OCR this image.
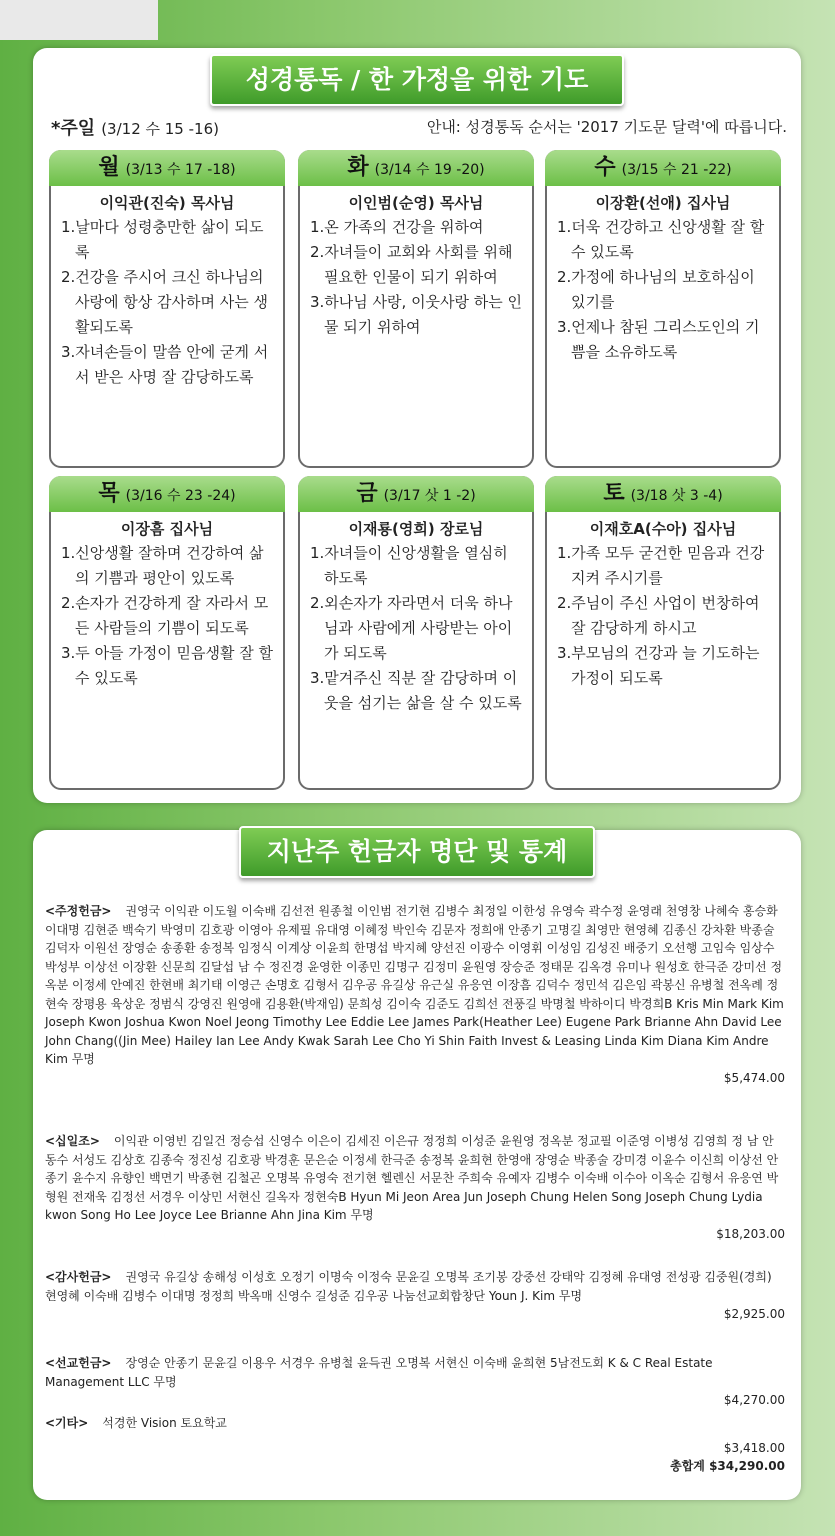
성경통독 / 한 가정을 위한 기도
*주일 (3/12 수 15 -16)	안내: 성경통독 순서는 '2017 기도문 달력'에 따릅니다.
월 (3/13 수 17 -18)
이익관(진숙) 목사님
1.날마다 성령충만한 삶이 되도록
2.건강을 주시어 크신 하나님의 사랑에 항상 감사하며 사는 생활되도록
3.자녀손들이 말씀 안에 굳게 서서 받은 사명 잘 감당하도록
화 (3/14 수 19 -20)
이인범(순영) 목사님
1.온 가족의 건강을 위하여
2.자녀들이 교회와 사회를 위해 필요한 인물이 되기 위하여
3.하나님 사랑, 이웃사랑 하는 인물 되기 위하여
수 (3/15 수 21 -22)
이장환(선애) 집사님
1.더욱 건강하고 신앙생활 잘 할 수 있도록
2.가정에 하나님의 보호하심이 있기를
3.언제나 참된 그리스도인의 기쁨을 소유하도록
목 (3/16 수 23 -24)
이장흠 집사님
1.신앙생활 잘하며 건강하여 삶의 기쁨과 평안이 있도록
2.손자가 건강하게 잘 자라서 모든 사람들의 기쁨이 되도록
3.두 아들 가정이 믿음생활 잘 할 수 있도록
금 (3/17 삿 1 -2)
이재룡(영희) 장로님
1.자녀들이 신앙생활을 열심히 하도록
2.외손자가 자라면서 더욱 하나님과 사람에게 사랑받는 아이가 되도록
3.맡겨주신 직분 잘 감당하며 이웃을 섬기는 삶을 살 수 있도록
토 (3/18 삿 3 -4)
이재호A(수아) 집사님
1.가족 모두 굳건한 믿음과 건강 지켜 주시기를
2.주님이 주신 사업이 번창하여 잘 감당하게 하시고
3.부모님의 건강과 늘 기도하는 가정이 되도록
지난주 헌금자 명단 및 통계
<주정헌금> 권영국 이익관 이도월 이숙배 김선전 원종철 이인범 전기현 김병수 최정일 이한성 유영숙 곽수정 윤영래 천영창 나혜숙 홍승화 이대명 김현준 백숙기 박영미 김호광 이영아 유제필 유대영 이혜정 박인숙 김문자 정희애 안종기 고명길 최영만 현영혜 김종신 강차환 박종술 김덕자 이원선 장영순 송종환 송정복 임정식 이계상 이윤희 한명섭 박지혜 양선진 이광수 이영휘 이성임 김성진 배중기 오선행 고임숙 임상수 박성부 이상선 이장환 신문희 김달섭 남 수 정진경 윤영한 이종민 김명구 김정미 윤원영 장승준 정태문 김옥경 유미나 원성호 한극준 강미선 정옥분 이정세 안예진 한현배 최기태 이영근 손명호 김형서 김우공 유길상 유근실 유응연 이장흠 김덕수 정민석 김은임 곽봉신 유병철 전옥례 정현숙 장평용 육상운 정범식 강영진 원영애 김용환(박재임) 문희성 김이숙 김준도 김희선 전풍길 박명철 박하이디 박경희B Kris Min Mark Kim Joseph Kwon Joshua Kwon Noel Jeong Timothy Lee Eddie Lee James Park(Heather Lee) Eugene Park Brianne Ahn David Lee John Chang((Jin Mee) Hailey Ian Lee Andy Kwak Sarah Lee Cho Yi Shin Faith Invest & Leasing Linda Kim Diana Kim Andre Kim 무명
$5,474.00
<십일조> 이익관 이영빈 김일건 정승섭 신영수 이은이 김세진 이은규 정정희 이성준 윤원영 정옥분 정교필 이준영 이병성 김영희 정 남 안동수 서성도 김상호 김종숙 정진성 김호광 박경훈 문은순 이정세 한극준 송정복 윤희현 한영애 장영순 박종술 강미경 이윤수 이신희 이상선 안종기 윤수지 유향인 백면기 박종현 김철곤 오명복 유영숙 전기현 헬렌신 서문찬 주희숙 유예자 김병수 이숙배 이수아 이옥순 김형서 유응연 박형원 전재욱 김정선 서경우 이상민 서현신 길옥자 정현숙B Hyun Mi Jeon Area Jun Joseph Chung Helen Song Joseph Chung Lydia kwon Song Ho Lee Joyce Lee Brianne Ahn Jina Kim 무명
$18,203.00
<감사헌금> 권영국 유길상 송해성 이성호 오정기 이명숙 이정숙 문윤길 오명복 조기봉 강중선 강태악 김정혜 유대영 전성광 김중원(경희) 현영혜 이숙배 김병수 이대명 정정희 박옥매 신영수 길성준 김우공 나눔선교회합창단 Youn J. Kim 무명
$2,925.00
<선교헌금> 장영순 안종기 문윤길 이용우 서경우 유병철 윤득권 오명복 서현신 이숙배 윤희현 5남전도회 K & C Real Estate Management LLC 무명
$4,270.00
<기타> 석경한 Vision 토요학교
$3,418.00
총합계 $34,290.00
